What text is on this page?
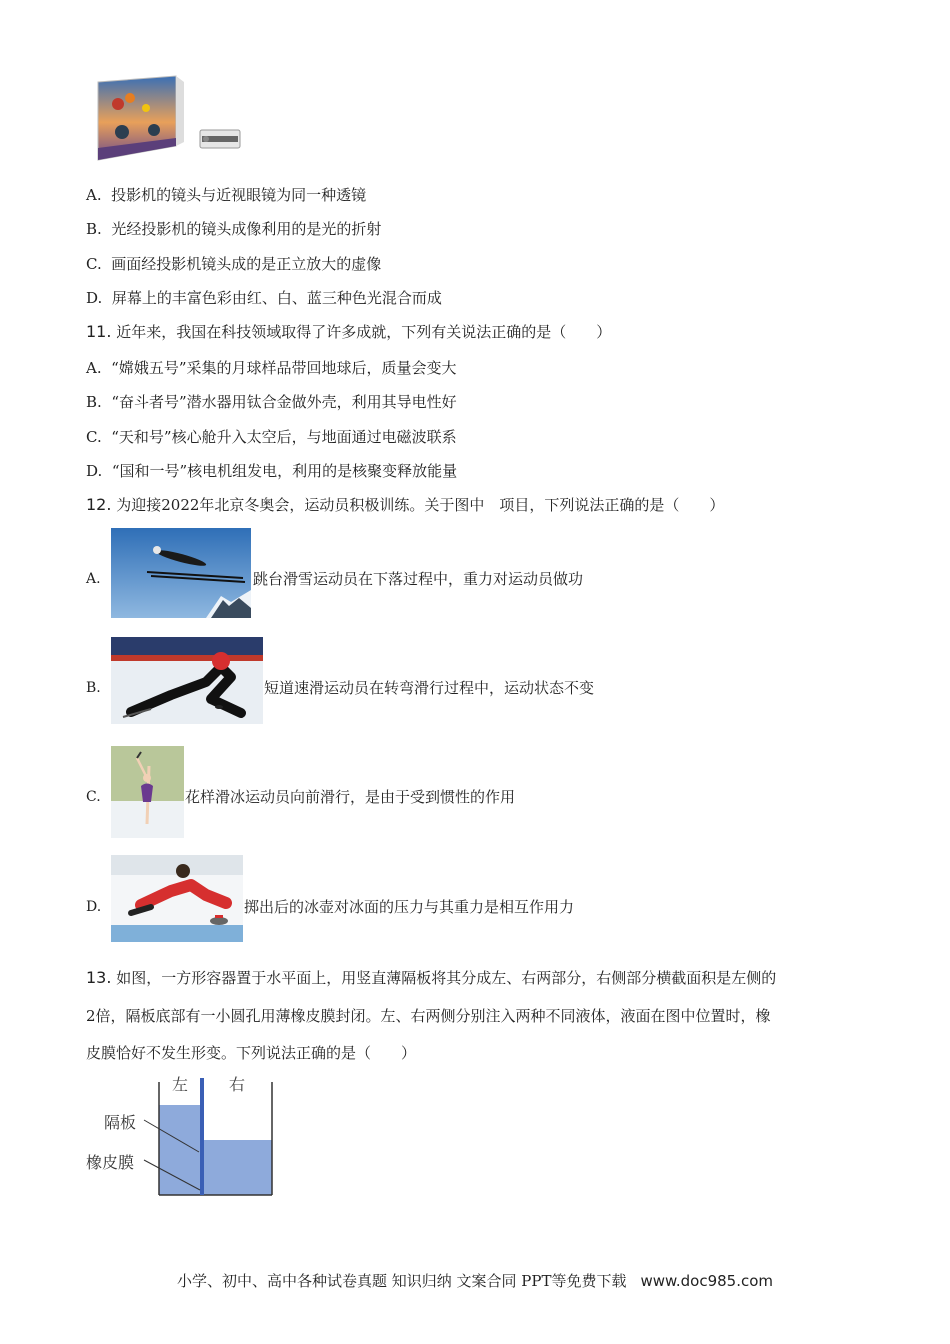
A. 投影机的镜头与近视眼镜为同一种透镜
B. 光经投影机的镜头成像利用的是光的折射
C. 画面经投影机镜头成的是正立放大的虚像
D. 屏幕上的丰富色彩由红、白、蓝三种色光混合而成
11. 近年来，我国在科技领域取得了许多成就，下列有关说法正确的是（　　）
A. “嫦娥五号”采集的月球样品带回地球后，质量会变大
B. “奋斗者号”潜水器用钛合金做外壳，利用其导电性好
C. “天和号”核心舱升入太空后，与地面通过电磁波联系
D. “国和一号”核电机组发电，利用的是核聚变释放能量
12. 为迎接2022年北京冬奥会，运动员积极训练。关于图中　项目，下列说法正确的是（　　）
A.	跳台滑雪运动员在下落过程中，重力对运动员做功
B.	短道速滑运动员在转弯滑行过程中，运动状态不变
C.	花样滑冰运动员向前滑行，是由于受到惯性的作用
D.	掷出后的冰壶对冰面的压力与其重力是相互作用力
13. 如图，一方形容器置于水平面上，用竖直薄隔板将其分成左、右两部分，右侧部分横截面积是左侧的
2倍，隔板底部有一小圆孔用薄橡皮膜封闭。左、右两侧分别注入两种不同液体，液面在图中位置时，橡
皮膜恰好不发生形变。下列说法正确的是（　　）
左	右
隔板
橡皮膜
小学、初中、高中各种试卷真题 知识归纳 文案合同 PPT等免费下载 www.doc985.com
